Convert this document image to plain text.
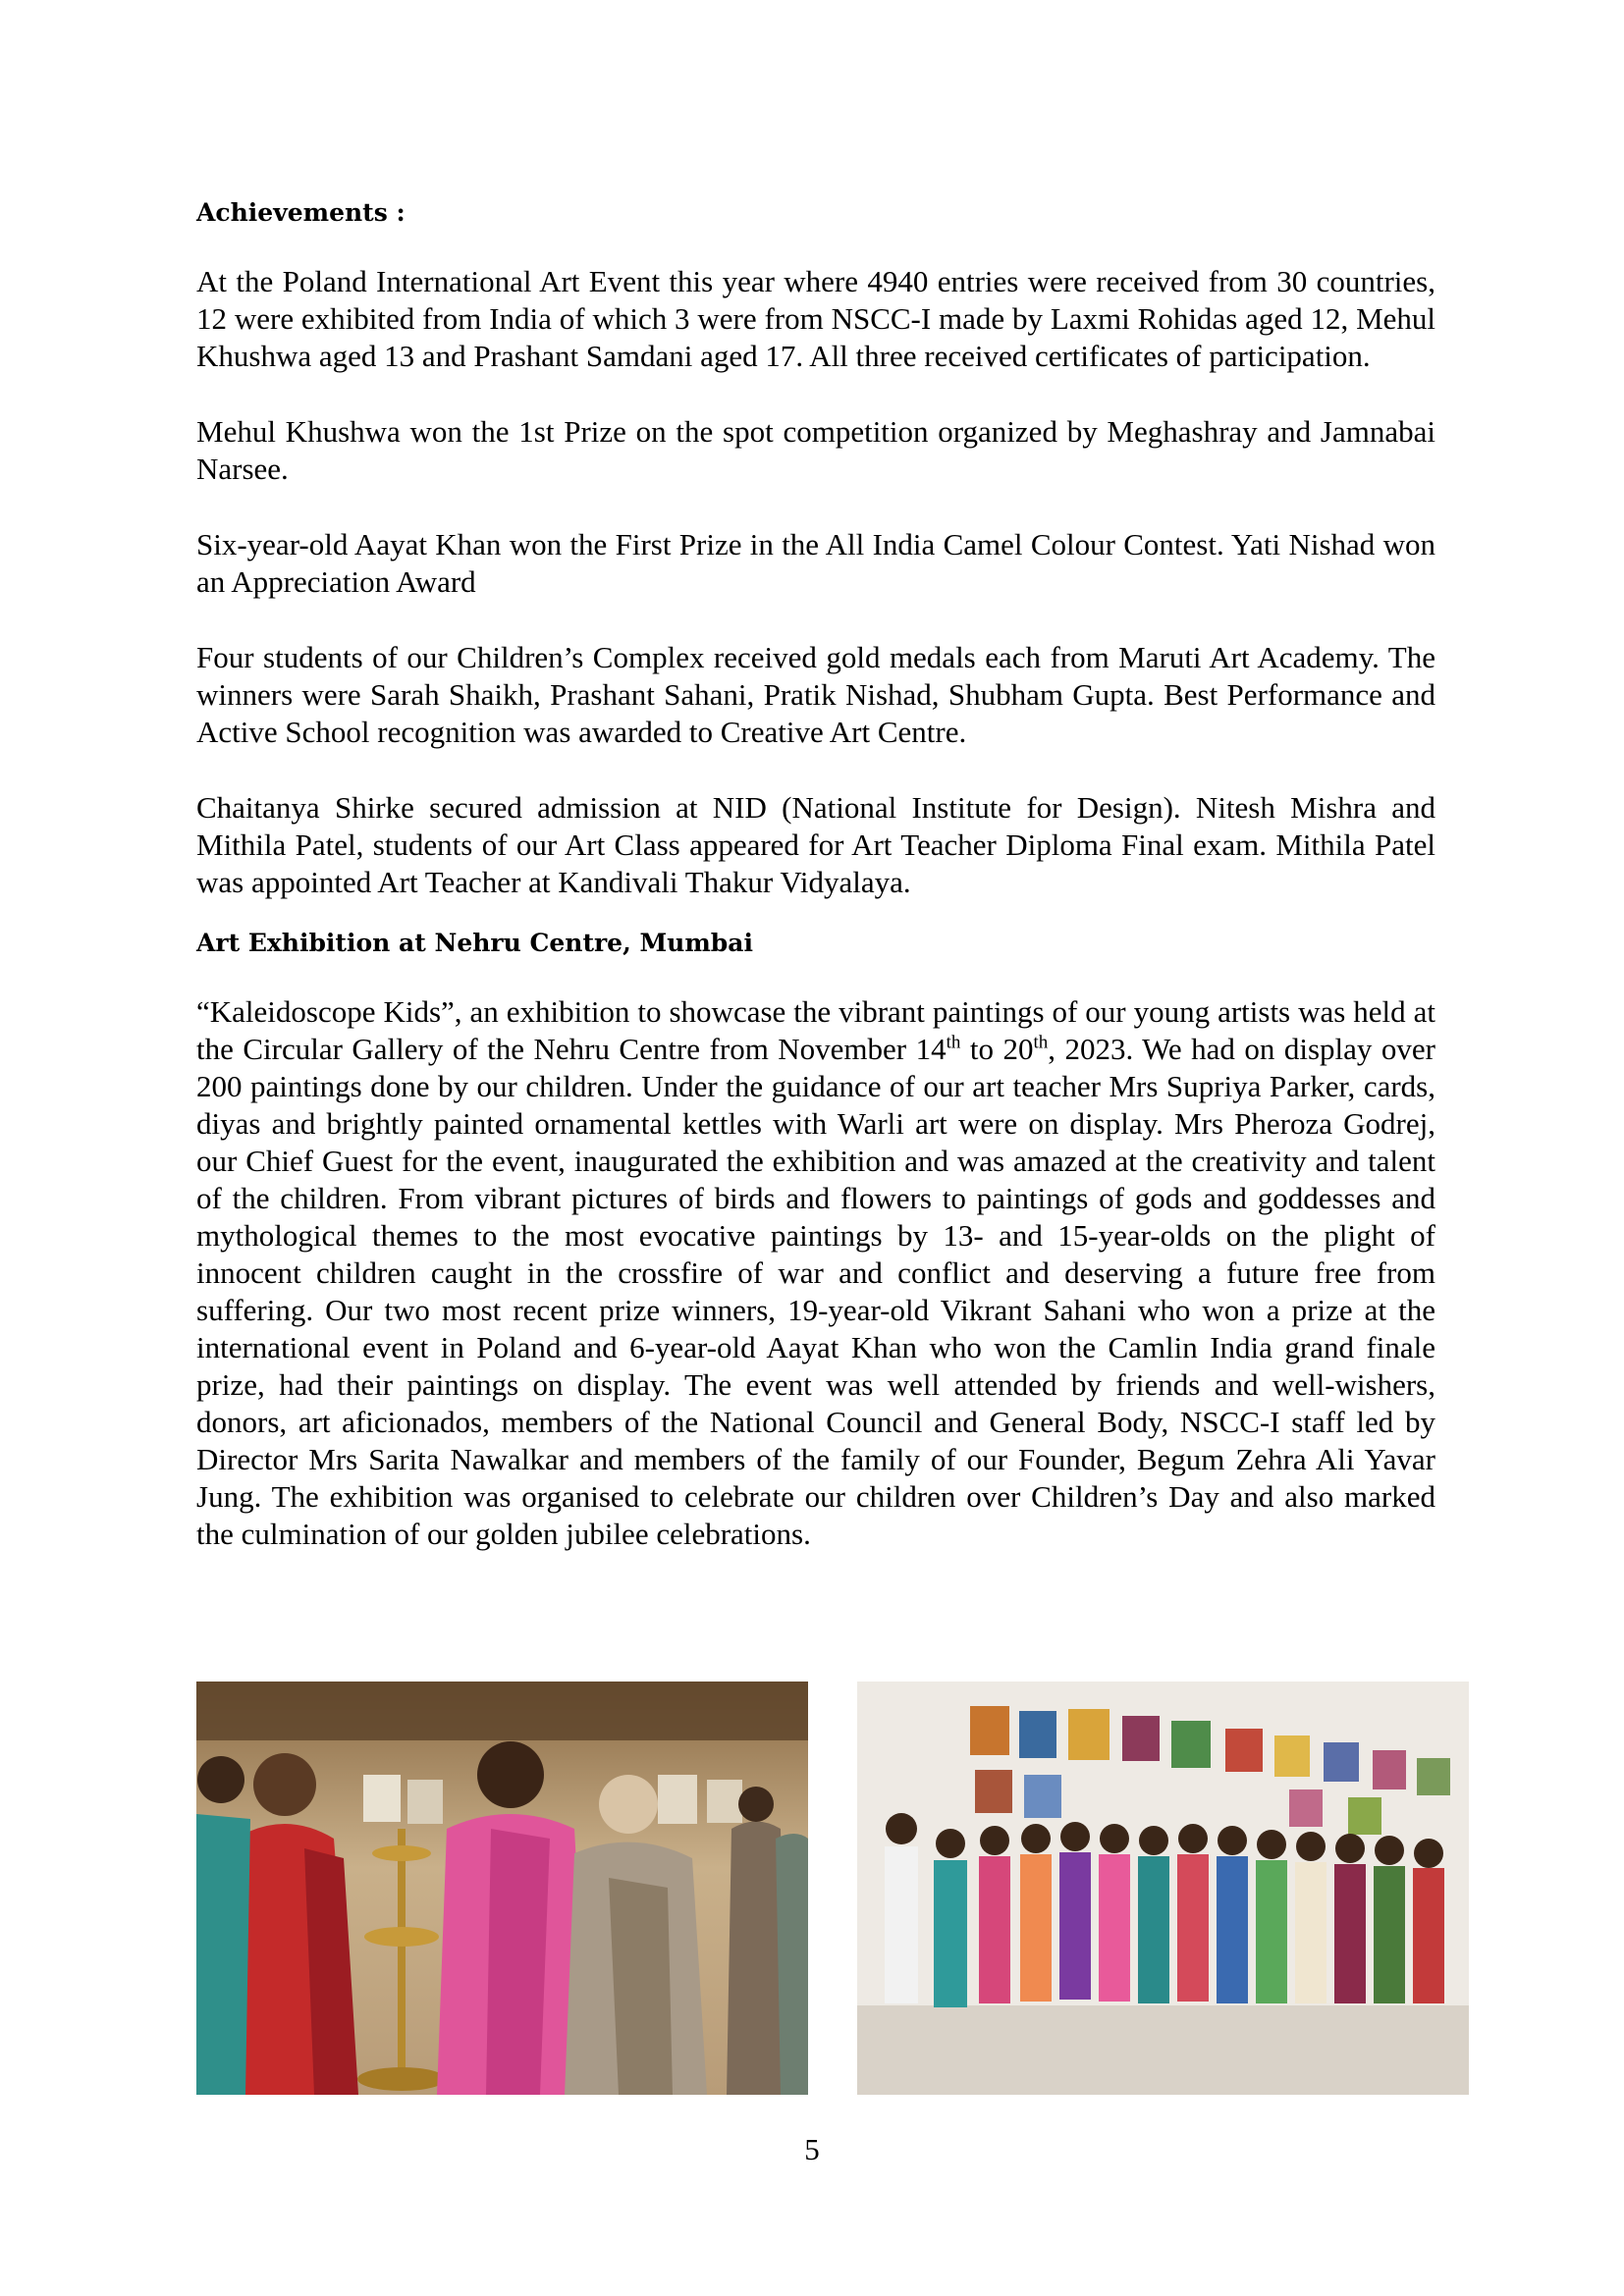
Achievements :

At the Poland International Art Event this year where 4940 entries were received from 30 countries, 12 were exhibited from India of which 3 were from NSCC-I made by Laxmi Rohidas aged 12, Mehul Khushwa aged 13 and Prashant Samdani aged 17. All three received certificates of participation.

Mehul Khushwa won the 1st Prize on the spot competition organized by Meghashray and Jamnabai Narsee.

Six-year-old Aayat Khan won the First Prize in the All India Camel Colour Contest. Yati Nishad won an Appreciation Award

Four students of our Children’s Complex received gold medals each from Maruti Art Academy. The winners were Sarah Shaikh, Prashant Sahani, Pratik Nishad, Shubham Gupta. Best Performance and Active School recognition was awarded to Creative Art Centre.

Chaitanya Shirke secured admission at NID (National Institute for Design). Nitesh Mishra and Mithila Patel, students of our Art Class appeared for Art Teacher Diploma Final exam. Mithila Patel was appointed Art Teacher at Kandivali Thakur Vidyalaya.

Art Exhibition at Nehru Centre, Mumbai

“Kaleidoscope Kids”, an exhibition to showcase the vibrant paintings of our young artists was held at the Circular Gallery of the Nehru Centre from November 14th to 20th, 2023. We had on display over 200 paintings done by our children. Under the guidance of our art teacher Mrs Supriya Parker, cards, diyas and brightly painted ornamental kettles with Warli art were on display. Mrs Pheroza Godrej, our Chief Guest for the event, inaugurated the exhibition and was amazed at the creativity and talent of the children. From vibrant pictures of birds and flowers to paintings of gods and goddesses and mythological themes to the most evocative paintings by 13- and 15-year-olds on the plight of innocent children caught in the crossfire of war and conflict and deserving a future free from suffering. Our two most recent prize winners, 19-year-old Vikrant Sahani who won a prize at the international event in Poland and 6-year-old Aayat Khan who won the Camlin India grand finale prize, had their paintings on display. The event was well attended by friends and well-wishers, donors, art aficionados, members of the National Council and General Body, NSCC-I staff led by Director Mrs Sarita Nawalkar and members of the family of our Founder, Begum Zehra Ali Yavar Jung. The exhibition was organised to celebrate our children over Children’s Day and also marked the culmination of our golden jubilee celebrations.

5
